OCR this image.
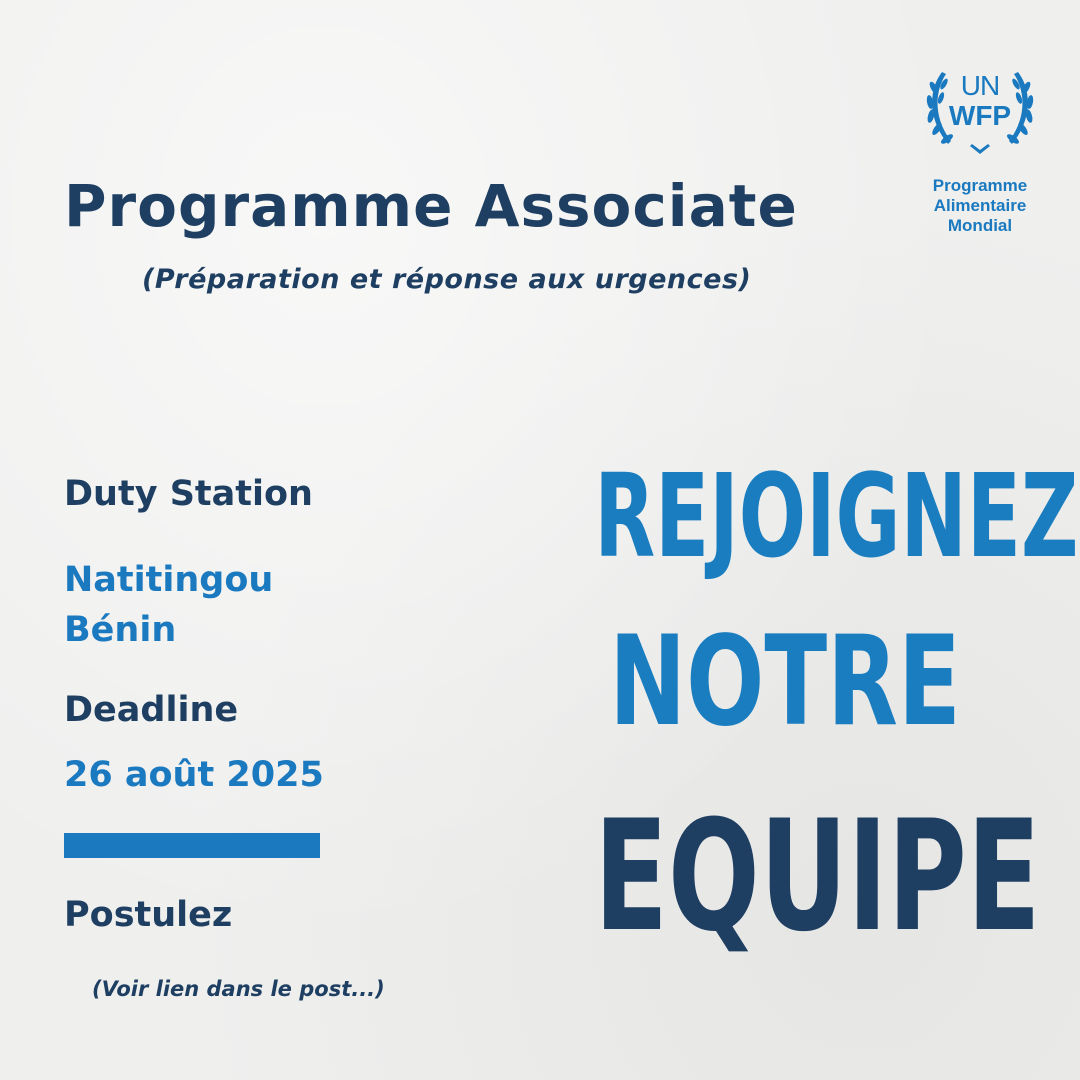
Programme Associate

(Préparation et réponse aux urgences)

UN
WFP
Programme
Alimentaire
Mondial

Duty Station

Natitingou

Bénin

Deadline

26 août 2025

Postulez

(Voir lien dans le post...)

REJOIGNEZ

NOTRE

EQUIPE
